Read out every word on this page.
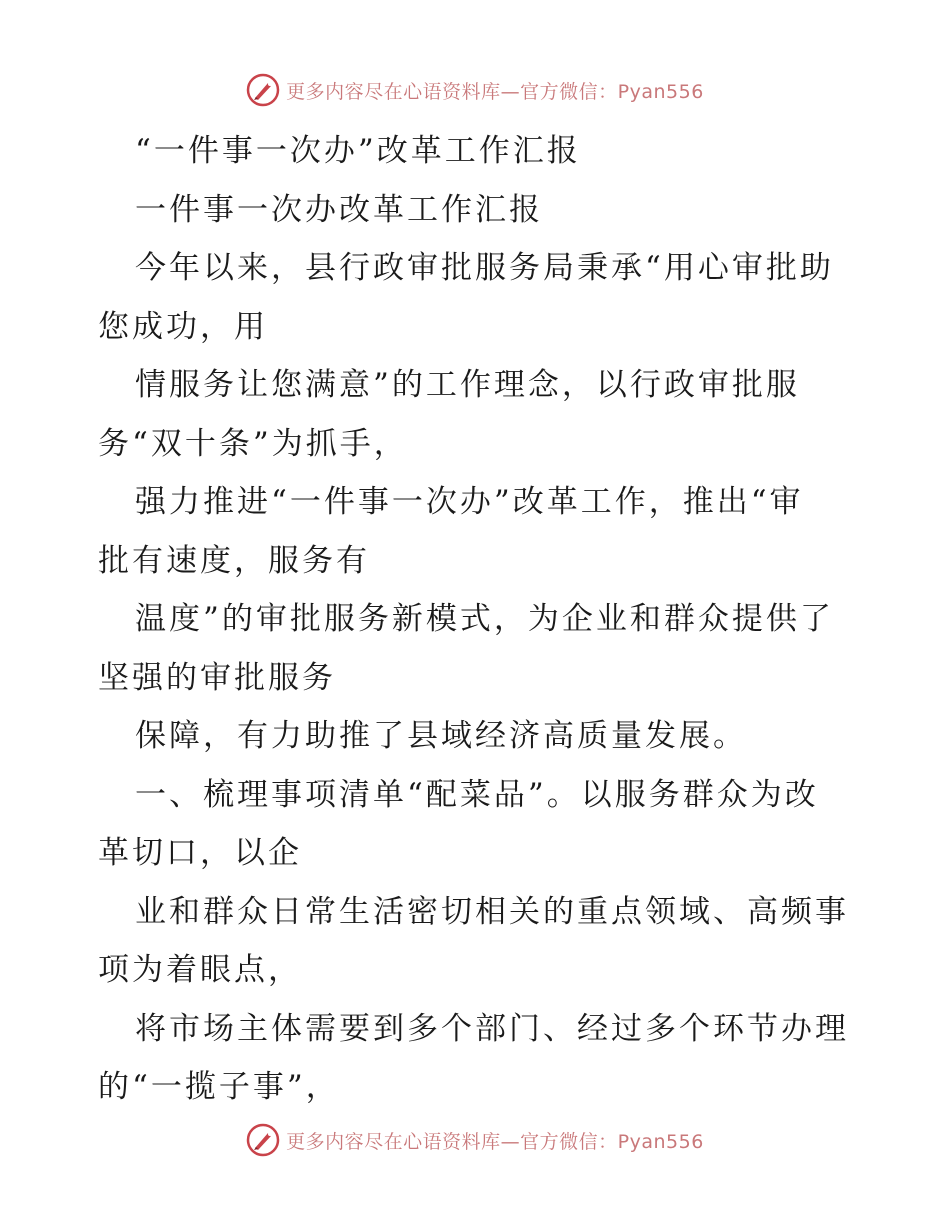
更多内容尽在心语资料库—官方微信：Pyan556
“一件事一次办”改革工作汇报
一件事一次办改革工作汇报
今年以来，县行政审批服务局秉承“用心审批助
您成功，用
情服务让您满意”的工作理念，以行政审批服
务“双十条”为抓手，
强力推进“一件事一次办”改革工作，推出“审
批有速度，服务有
温度”的审批服务新模式，为企业和群众提供了
坚强的审批服务
保障，有力助推了县域经济高质量发展。
一、梳理事项清单“配菜品”。以服务群众为改
革切口，以企
业和群众日常生活密切相关的重点领域、高频事
项为着眼点，
将市场主体需要到多个部门、经过多个环节办理
的“一揽子事”，
更多内容尽在心语资料库—官方微信：Pyan556
